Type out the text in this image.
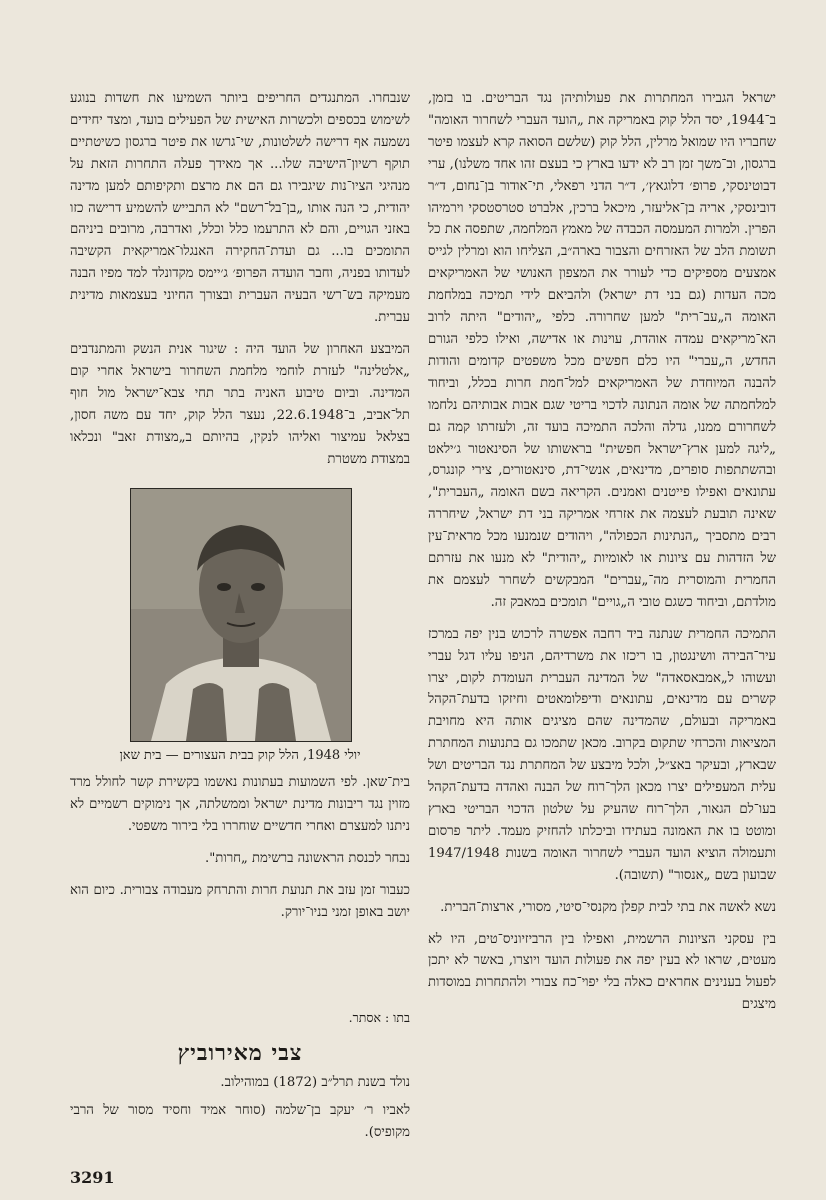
ישראל הגבירו המחתרות את פעולותיהן נגד הבריטים. בו בזמן, ב־1944, יסד הלל קוק באמריקה את „הועד העברי לשחרור האומה" שחבריו היו שמואל מרלין, הלל קוק (שלשם הסואה קרא לעצמו פיטר ברגסון, וב־משך זמן רב לא ידעו בארץ כי בעצם זהו אחד משלנו), ערי דבוטינסקי, פרופ׳ דלוגאץ׳, ד״ר הדני רפאלי, תי־אודור בן־נחום, ד״ר דובינסקי, אריה בן־אליעזר, מיכאל ברכין, אלברט סטרסטסקי וירמיהו הפרין. ולמרות המעמסה הכבדה של מאמץ המלחמה, שתפסה את כל תשומת הלב של האזרחים והצבור בארה״ב, הצליחו הוא ומרלין לגייס אמצעים מספיקים כדי לעורר את המצפון האנושי של האמריקאים מכה העדות (גם בני דת ישראל) ולהביאם לידי תמיכה במלחמת האומה ה„עב־רית" למען שחרורה. כלפי „יהודים" היתה לרוב הא־מריקאים עמדה אוהדת, עוינות או אדישה, ואילו כלפי הגורם החדש, ה„עברי" היו כלם חפשים מכל משפטים קדומים והודות להבנה המיוחדת של האמריקאים למל־חמת חרות בכלל, וביחוד למלחמתה של אומה הנתונה לדכוי בריטי שגם אבות אבותיהם נלחמו לשחרורם ממנו, גדלה והלכה התמיכה בועד זה, ולעזרתו קמה גם „ליגה למען ארץ־ישראל חפשית" בראשותו של הסינאטור ג׳ילאט ובהשתתפות סופרים, מדינאים, אנשי־דת, סינאטורים, צירי קונגרס, עתונאים ואפילו פייטנים ואמנים. הקריאה בשם האומה „העברית", שאינה תובעת לעצמה את אזרחי אמריקה בני דת ישראל, שיחררה רבים מתסביך „הנתינות הכפולה", ויהודים שנמנעו מכל מראית־עין של הזדהות עם ציונות או לאומיות „יהודית" לא מנעו את עזרתם החמרית והמוסרית מה־„עברים" המבקשים לשחרר לעצמם את מולדתם, וביחוד כשגם טובי ה„גויים" תומכים במאבק זה.

התמיכה החמרית שנתנה ביד רחבה אפשרה לרכוש בנין יפה במרכז עיר־הבירה וושינגטון, בו ריכזו את משרדיהם, הניפו עליו דגל עברי ועשוהו ל„אמבאסאדה" של המדינה העברית העומדת לקום, יצרו קשרים עם מדינאים, עתונאים ודיפלומאטים וחיזקו בדעת־הקהל באמריקה ובעולם, שהמדינה שהם מציגים אותה היא מחויבת המציאות והכרחי שתקום בקרוב. מכאן שתמכו גם בתנועות המחתרת שבארץ, ובעיקר באצ״ל, ולכל מיבצע של המחתרת נגד הבריטים ושל עלית המעפילים יצרו מכאן הלך־רוח של הבנה ואהדה בדעת־הקהל בעו־לם הגאור, הלך־רוח שהעיק על שלטון הדכוי הבריטי בארץ ומוטט בו את האמונה בעתידו וביכלתו להחזיק מעמד. ליתר פרסום ותעמולה הוציא הועד העברי לשחרור האומה בשנות 1947/1948 שבועון בשם „אנסור" (תשובה).

נשא לאשה את בתי לבית קפלן מקנסי־סיטי, מסורי, ארצות־הברית.

בין עסקני הציונות הרשמית, ואפילו בין הרביזיוניס־טים, היו לא מעטים, שראו לא בעין יפה את פעולות הועד ויוצרו, באשר לא יתכן לפעול בענינים אחראים כאלה בלי יפוי־כח צבורי ולהתחרות במוסדות מיצגים

שנבחרו. המתנגדים החריפים ביותר השמיעו את חשדות בנוגע לשימוש בכספים ולכשרות האישית של הפעילים בועד, ומצד יחידים נשמעה אף דרישה לשלטונות, שי־גרשו את פיטר ברגסון כשיטתיים תוקף רשיון־הישיבה שלו... אך מאידך פעלה התחרות הזאת על מנהיגי הציו־נות שיגבירו גם הם את מרצם ותקיפותם למען מדינה יהודית, כי הנה אותו „בן־בל־רשם" לא התבייש להשמיע דרישה כזו באזני הגויים, והם לא התרעמו כלל וכלל, ואדרבה, מרובים ביניהם התומכים בו... גם ועדת־החקירה האנגלו־אמריקאית הקשיבה לעדותו בפניה, וחבר הועדה הפרופ׳ ג׳יימס מקדונלד למד מפיו הבנה מעמיקה בש־רשי הבעיה העברית ובצורך החיוני בעצמאות מדינית עברית.

המיבצע האחרון של הועד היה : שיגור אנית הנשק והמתנדבים „אלטלינה" לעזרת לוחמי מלחמת השחרור בישראל אחרי קום המדינה. וביום טיבוע האניה בתר תחי צבא־ישראל מול חוף תל־אביב, ב־22.6.1948, נעצר הלל קוק, יחד עם משה חסון, בצלאל עמיצור ואליהו לנקין, בהיותם ב„מצודת זאב" ונכלאו במצודת משטרת

יולי 1948, הלל קוק בבית העצורים — בית שאן

בית־שאן. לפי השמועות בעתונות נאשמו בקשירת קשר לחולל מרד מזוין נגד ריבונות מדינת ישראל וממשלתה, אך נימוקים רשמיים לא ניתנו למעצרם ואחרי חדשיים שוחררו בלי בירור משפטי.

נבחר לכנסת הראשונה ברשימת „חרות".

כעבור זמן עזב את תנועת חרות והתרחק מעבודה צבורית. כיום הוא יושב באופן זמני בניו־יורק.

בתו : אסתר.
צבי מאירוביץ

נולד בשנת תרל״ב (1872) במוהילוב.

לאביו ר׳ יעקב בן־שלמה (סוחר אמיד וחסיד מסור של הרבי מקופיס).

3291
